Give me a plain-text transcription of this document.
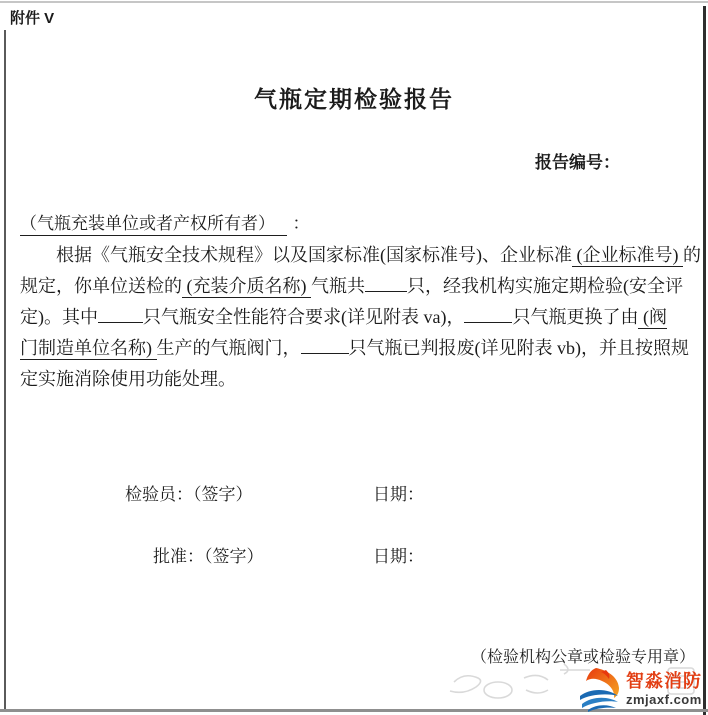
附件 V
气瓶定期检验报告
报告编号：
（气瓶充装单位或者产权所有者） ：
根据《气瓶安全技术规程》以及国家标准(国家标准号)、企业标准 (企业标准号) 的
规定，你单位送检的 (充装介质名称) 气瓶共 只，经我机构实施定期检验(安全评
定)。其中	只气瓶安全性能符合要求(详见附表 va)，	只气瓶更换了由 (阀
门制造单位名称) 生产的气瓶阀门，	只气瓶已判报废(详见附表 vb)，并且按照规
定实施消除使用功能处理。
检验员：（签字）	日期：
批准：（签字）	日期：
（检验机构公章或检验专用章）
智淼消防
zmjaxf.com
